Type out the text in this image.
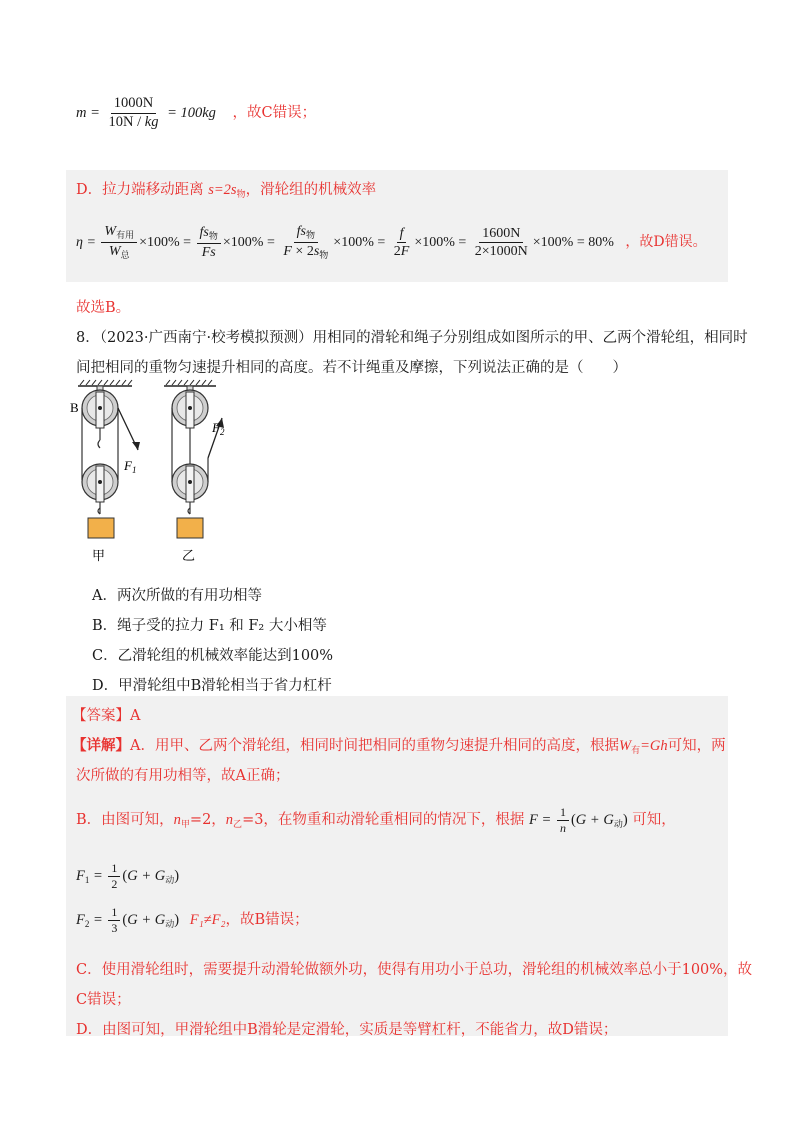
$m = \frac{1000N}{10N / kg} = 100kg$ ，故C错误；
D．拉力端移动距离 $s=2s_物$，滑轮组的机械效率
$\eta = \frac{W_{有用}}{W_总} \times 100\% = \frac{fs_物}{Fs} \times 100\% = \frac{fs_物}{F \times 2s_物} \times 100\% = \frac{f}{2F} \times 100\% = \frac{1600N}{2\times 1000N} \times 100\% = 80\%$ ，故D错误。
故选B。
8．（2023·广西南宁·校考模拟预测）用相同的滑轮和绳子分别组成如图所示的甲、乙两个滑轮组，相同时
间把相同的重物匀速提升相同的高度。若不计绳重及摩擦，下列说法正确的是（　　）
B
$F_1$
$F_2$
甲	乙
A．两次所做的有用功相等
B．绳子受的拉力 F₁ 和 F₂ 大小相等
C．乙滑轮组的机械效率能达到100%
D．甲滑轮组中B滑轮相当于省力杠杆
【答案】A
【详解】A．用甲、乙两个滑轮组，相同时间把相同的重物匀速提升相同的高度，根据$W_有=Gh$可知，两
次所做的有用功相等，故A正确；
B．由图可知，$n_甲=2$，$n_乙=3$，在物重和动滑轮重相同的情况下，根据 $F = \frac{1}{n} (G + G_动)$ 可知，
$F_1 = \frac{1}{2} (G + G_动)$
$F_2 = \frac{1}{3} (G + G_动)$ F₁≠F₂，故B错误；
C．使用滑轮组时，需要提升动滑轮做额外功，使得有用功小于总功，滑轮组的机械效率总小于100%，故
C错误；
D．由图可知，甲滑轮组中B滑轮是定滑轮，实质是等臂杠杆，不能省力，故D错误；
